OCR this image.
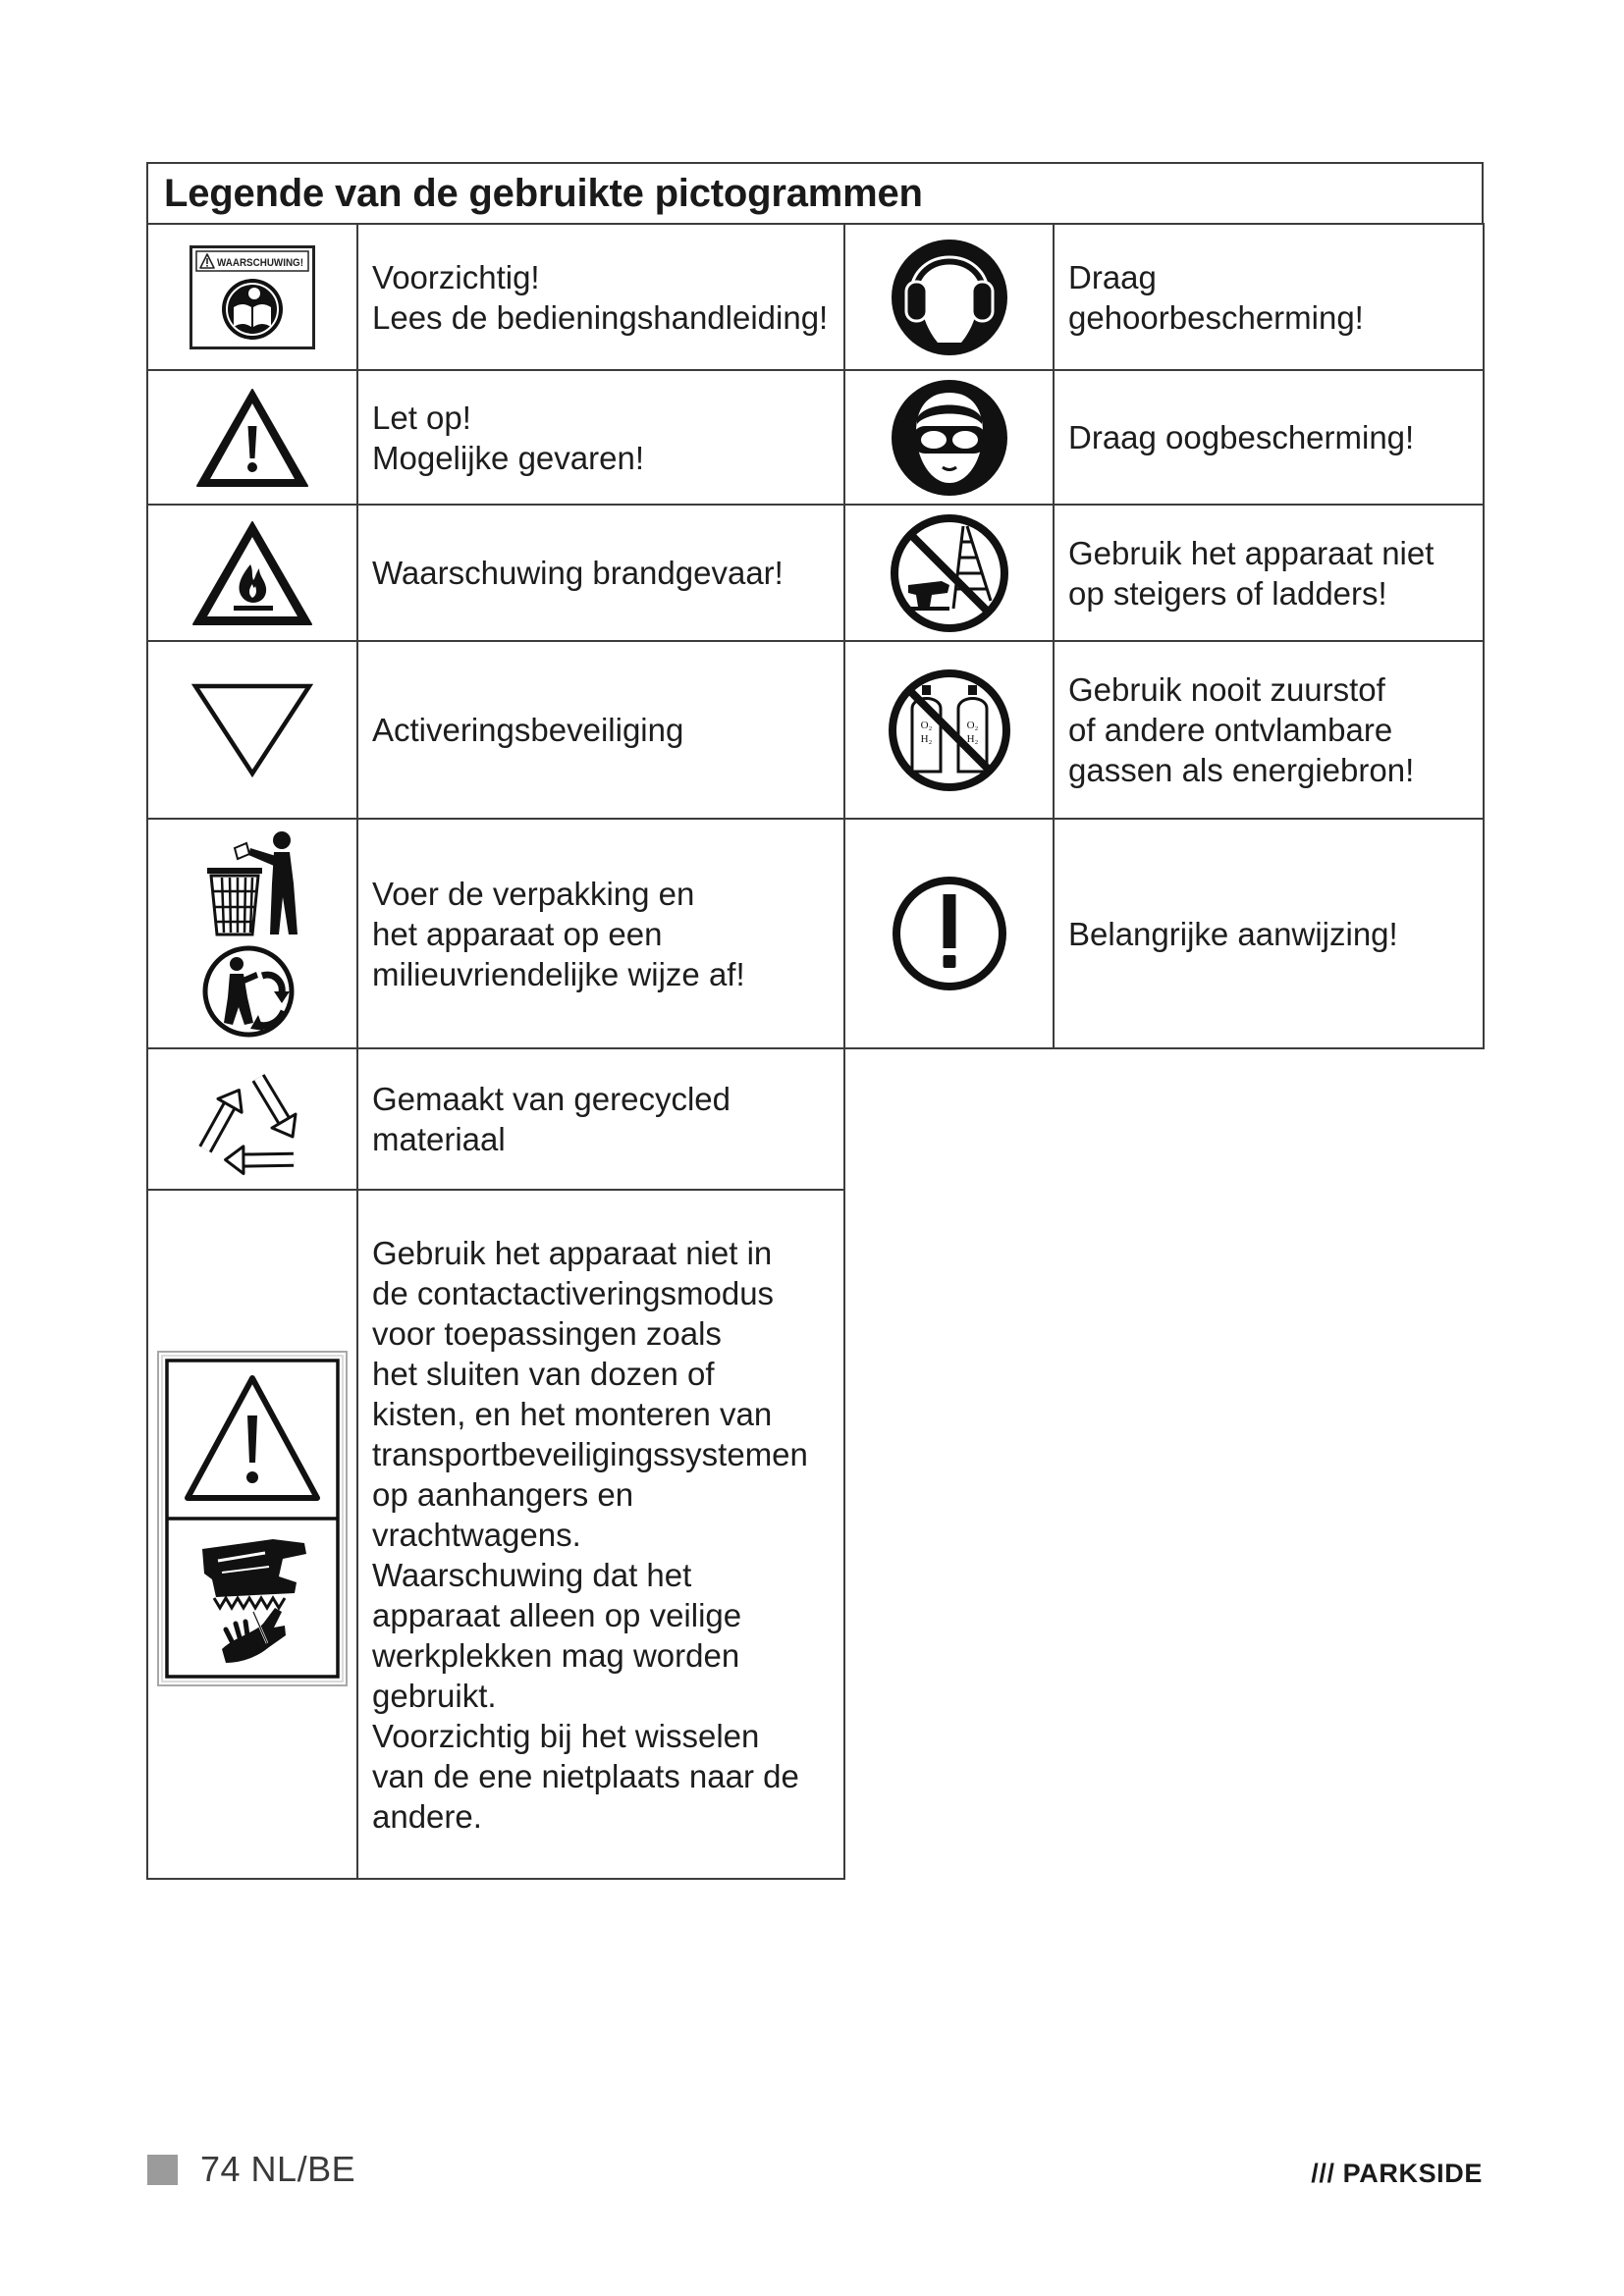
Legende van de gebruikte pictogrammen
WAARSCHUWING! Voorzichtig!
Lees de bedieningshandleiding!
Draag
gehoorbescherming!
Let op!
Mogelijke gevaren!
Draag oogbescherming!
Waarschuwing brandgevaar!
Gebruik het apparaat niet
op steigers of ladders!
Activeringsbeveiliging	O₂
H₂
O₂
H₂
Gebruik nooit zuurstof
of andere ontvlambare
gassen als energiebron!
Voer de verpakking en
het apparaat op een
milieuvriendelijke wijze af!
Belangrijke aanwijzing!
Gemaakt van gerecycled
materiaal
Gebruik het apparaat niet in
de contactactiveringsmodus
voor toepassingen zoals
het sluiten van dozen of
kisten, en het monteren van
transportbeveiligingssystemen
op aanhangers en
vrachtwagens.
Waarschuwing dat het
apparaat alleen op veilige
werkplekken mag worden
gebruikt.
Voorzichtig bij het wisselen
van de ene nietplaats naar de
andere.
74 NL/BE	/// PARKSIDE
